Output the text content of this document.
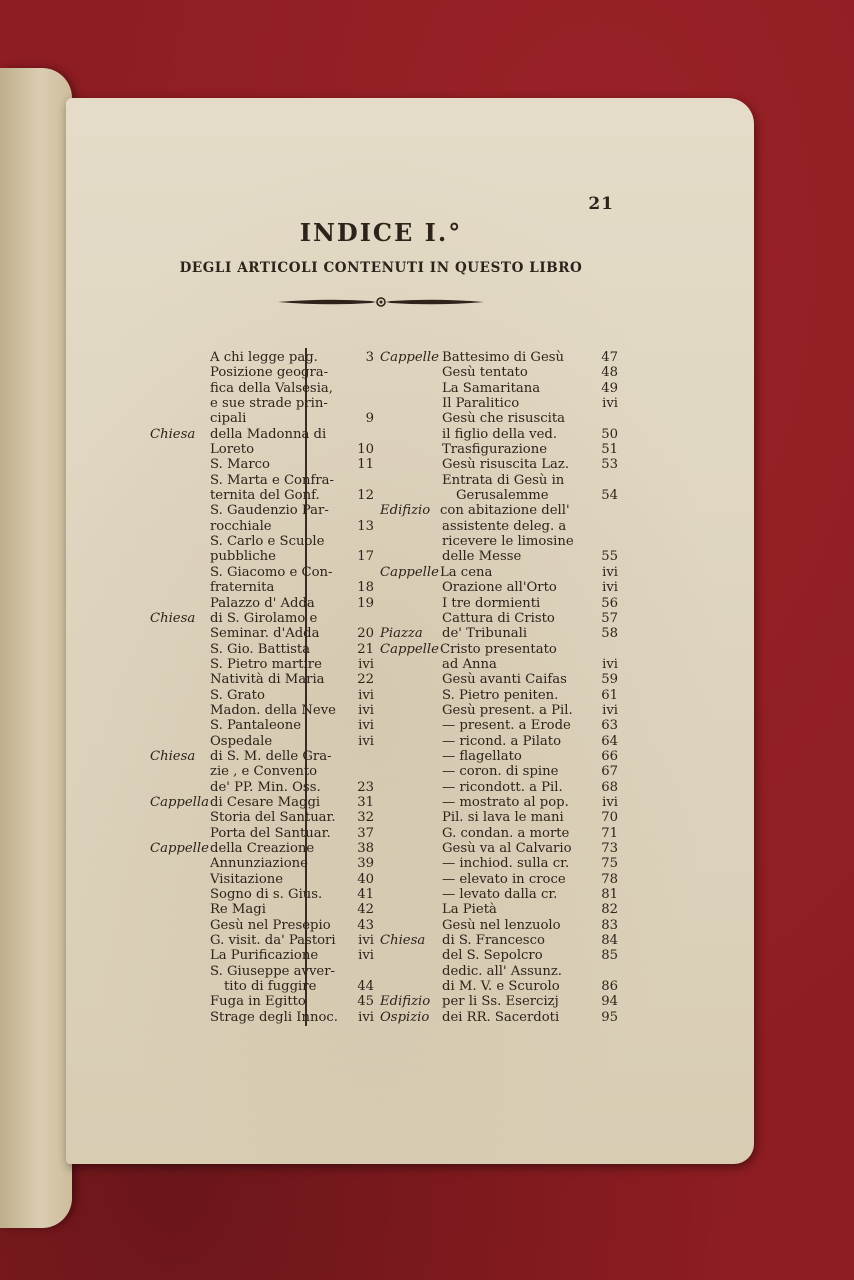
21
INDICE I.°
DEGLI ARTICOLI CONTENUTI IN QUESTO LIBRO
A chi legge pag.	3
Posizione geogra-
fica della Valsesia,
e sue strade prin-
cipali	9
Chiesa della Madonna di
Loreto	10
S. Marco	11
S. Marta e Confra-
ternita del Gonf.	12
S. Gaudenzio Par-
rocchiale	13
S. Carlo e Scuole
pubbliche	17
S. Giacomo e Con-
fraternita	18
Palazzo d' Adda	19
Chiesa di S. Girolamo e
Seminar. d'Adda	20
S. Gio. Battista	21
S. Pietro martire	ivi
Natività di Maria 22
S. Grato	ivi
Madon. della Neve ivi
S. Pantaleone	ivi
Ospedale	ivi
Chiesa di S. M. delle Gra-
zie , e Convento
de' PP. Min. Oss.	23
Cappella di Cesare Maggi	31
Storia del Santuar. 32
Porta del Santuar. 37
Cappelle della Creazione	38
Annunziazione	39
Visitazione	40
Sogno di s. Gius.	41
Re Magi	42
Gesù nel Presepio 43
G. visit. da' Pastori ivi
La Purificazione	ivi
S. Giuseppe avver-
tito di fuggire	44
Fuga in Egitto	45
Strage degli Innoc. ivi
Cappelle Battesimo di Gesù	47
Gesù tentato	48
La Samaritana	49
Il Paralitico	ivi
Gesù che risuscita
il figlio della ved.	50
Trasfigurazione	51
Gesù risuscita Laz. 53
Entrata di Gesù in
Gerusalemme	54
Edifizio con abitazione dell'
assistente deleg. a
ricevere le limosine
delle Messe	55
Cappelle La cena	ivi
Orazione all'Orto	ivi
I tre dormienti	56
Cattura di Cristo	57
Piazza de' Tribunali	58
Cappelle Cristo presentato
ad Anna	ivi
Gesù avanti Caifas	59
S. Pietro peniten.	61
Gesù present. a Pil. ivi
— present. a Erode 63
— ricond. a Pilato	64
— flagellato	66
— coron. di spine	67
— ricondott. a Pil.	68
— mostrato al pop.	ivi
Pil. si lava le mani	70
G. condan. a morte 71
Gesù va al Calvario 73
— inchiod. sulla cr. 75
— elevato in croce	78
— levato dalla cr.	81
La Pietà	82
Gesù nel lenzuolo	83
Chiesa di S. Francesco	84
del S. Sepolcro	85
dedic. all' Assunz.
di M. V. e Scurolo	86
Edifizio per li Ss. Esercizj	94
Ospizio dei RR. Sacerdoti	95
